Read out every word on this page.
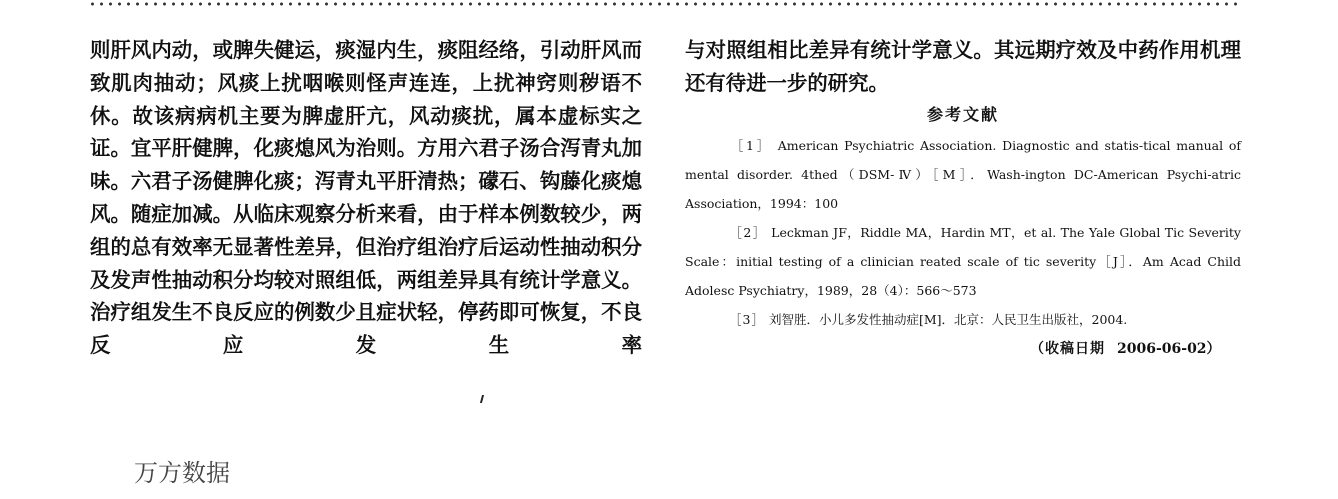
则肝风内动，或脾失健运，痰湿内生，痰阻经络，引动肝风而致肌肉抽动；风痰上扰咽喉则怪声连连，上扰神窍则秽语不休。故该病病机主要为脾虚肝亢，风动痰扰，属本虚标实之证。宜平肝健脾，化痰熄风为治则。方用六君子汤合泻青丸加味。六君子汤健脾化痰；泻青丸平肝清热；礞石、钩藤化痰熄风。随症加减。从临床观察分析来看，由于样本例数较少，两组的总有效率无显著性差异，但治疗组治疗后运动性抽动积分及发声性抽动积分均较对照组低，两组差异具有统计学意义。治疗组发生不良反应的例数少且症状轻，停药即可恢复，不良反应发生率

与对照组相比差异有统计学意义。其远期疗效及中药作用机理还有待进一步的研究。

参考文献

［1］ American Psychiatric Association. Diagnostic and statis-tical manual of mental disorder. 4thed（DSM-Ⅳ）［M］．Wash-ington DC-American Psychi-atric Association，1994：100

［2］ Leckman JF，Riddle MA，Hardin MT，et al. The Yale Global Tic Severity Scale：initial testing of a clinician reated scale of tic severity［J］．Am Acad Child Adolesc Psychiatry，1989，28（4）：566～573

［3］ 刘智胜．小儿多发性抽动症[M]．北京：人民卫生出版社，2004.

（收稿日期 2006-06-02）
万方数据
